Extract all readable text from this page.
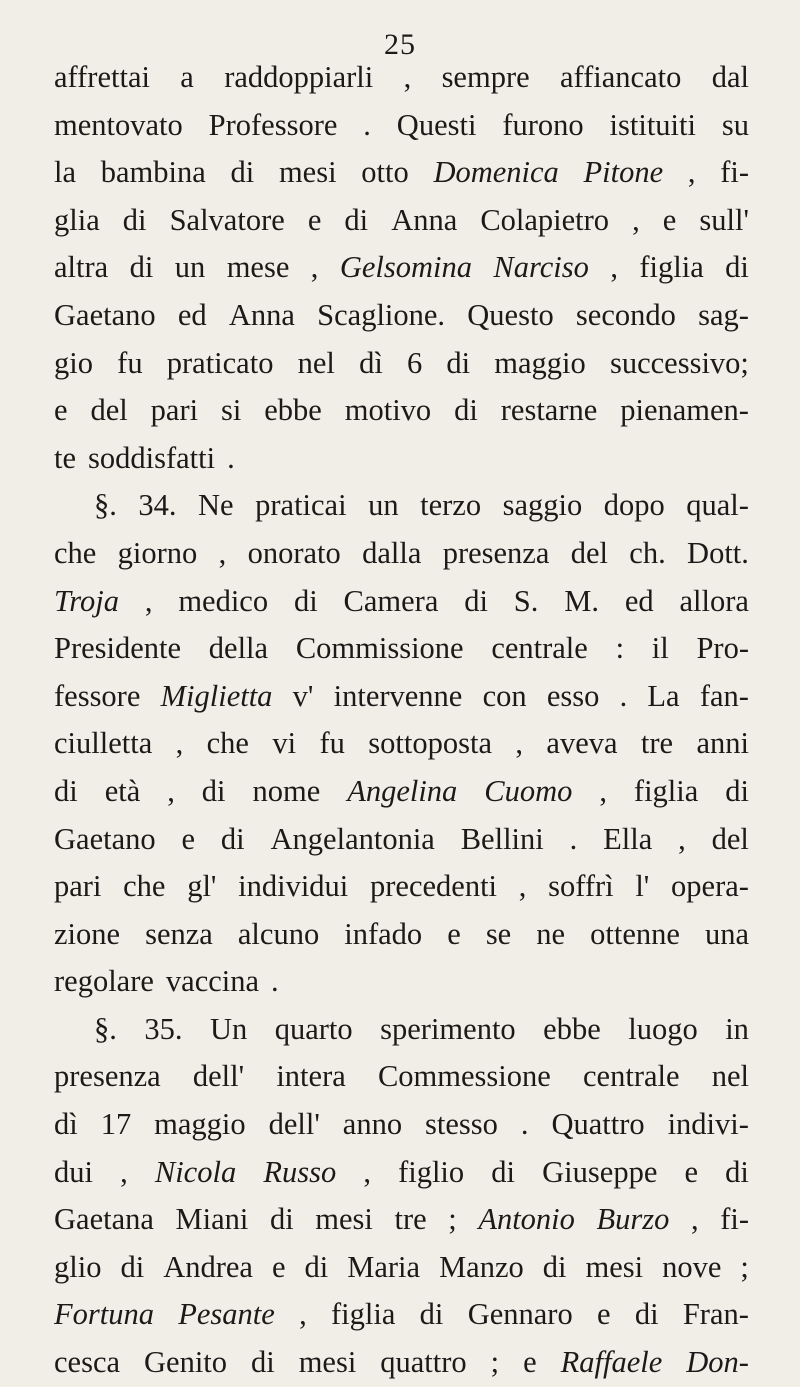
25
affrettai a raddoppiarli , sempre affiancato dal
mentovato Professore . Questi furono istituiti su
la bambina di mesi otto Domenica Pitone , fi-
glia di Salvatore e di Anna Colapietro , e sull'
altra di un mese , Gelsomina Narciso , figlia di
Gaetano ed Anna Scaglione. Questo secondo sag-
gio fu praticato nel dì 6 di maggio successivo;
e del pari si ebbe motivo di restarne pienamen-
te soddisfatti .
§. 34. Ne praticai un terzo saggio dopo qual-
che giorno , onorato dalla presenza del ch. Dott.
Troja , medico di Camera di S. M. ed allora
Presidente della Commissione centrale : il Pro-
fessore Miglietta v' intervenne con esso . La fan-
ciulletta , che vi fu sottoposta , aveva tre anni
di età , di nome Angelina Cuomo , figlia di
Gaetano e di Angelantonia Bellini . Ella , del
pari che gl' individui precedenti , soffrì l' opera-
zione senza alcuno infado e se ne ottenne una
regolare vaccina .
§. 35. Un quarto sperimento ebbe luogo in
presenza dell' intera Commessione centrale nel
dì 17 maggio dell' anno stesso . Quattro indivi-
dui , Nicola Russo , figlio di Giuseppe e di
Gaetana Miani di mesi tre ; Antonio Burzo , fi-
glio di Andrea e di Maria Manzo di mesi nove ;
Fortuna Pesante , figlia di Gennaro e di Fran-
cesca Genito di mesi quattro ; e Raffaele Don-
